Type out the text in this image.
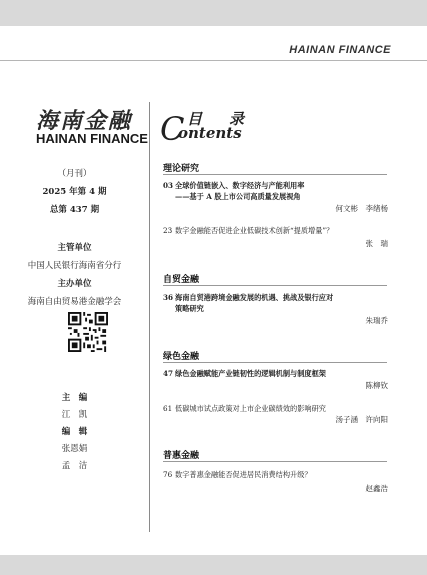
HAINAN FINANCE
海南金融
HAINAN FINANCE
（月刊）
2025 年第 4 期
总第 437 期
主管单位
中国人民银行海南省分行
主办单位
海南自由贸易港金融学会
主　编
江　凯
编　辑
张恩娟
孟　洁
C 目　录
ontents
理论研究
03 全球价值链嵌入、数字经济与产能利用率
——基于 A 股上市公司高质量发展视角
何文彬　李绪杨
23 数字金融能否促进企业低碳技术创新“提质增量”？
张　瑞
自贸金融
36 海南自贸港跨境金融发展的机遇、挑战及银行应对
策略研究
朱瑞乔
绿色金融
47 绿色金融赋能产业链韧性的逻辑机制与制度框架
陈柳钦
61 低碳城市试点政策对上市企业碳绩效的影响研究
汤子涵　许向阳
普惠金融
76 数字普惠金融能否促进居民消费结构升级？
赵鑫浩
